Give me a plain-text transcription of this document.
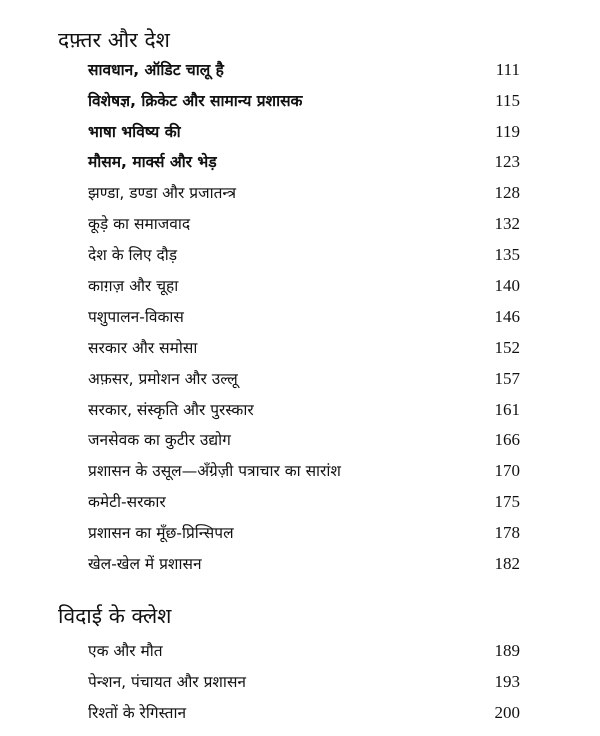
दफ़्तर और देश
सावधान, ऑडिट चालू है	111
विशेषज्ञ, क्रिकेट और सामान्य प्रशासक	115
भाषा भविष्य की	119
मौसम, मार्क्स और भेड़	123
झण्डा, डण्डा और प्रजातन्त्र	128
कूड़े का समाजवाद	132
देश के लिए दौड़	135
काग़ज़ और चूहा	140
पशुपालन-विकास	146
सरकार और समोसा	152
अफ़सर, प्रमोशन और उल्लू	157
सरकार, संस्कृति और पुरस्कार	161
जनसेवक का कुटीर उद्योग	166
प्रशासन के उसूल—अँग्रेज़ी पत्राचार का सारांश	170
कमेटी-सरकार	175
प्रशासन का मूँछ-प्रिन्सिपल	178
खेल-खेल में प्रशासन	182
विदाई के क्लेश
एक और मौत	189
पेन्शन, पंचायत और प्रशासन	193
रिश्तों के रेगिस्तान	200
